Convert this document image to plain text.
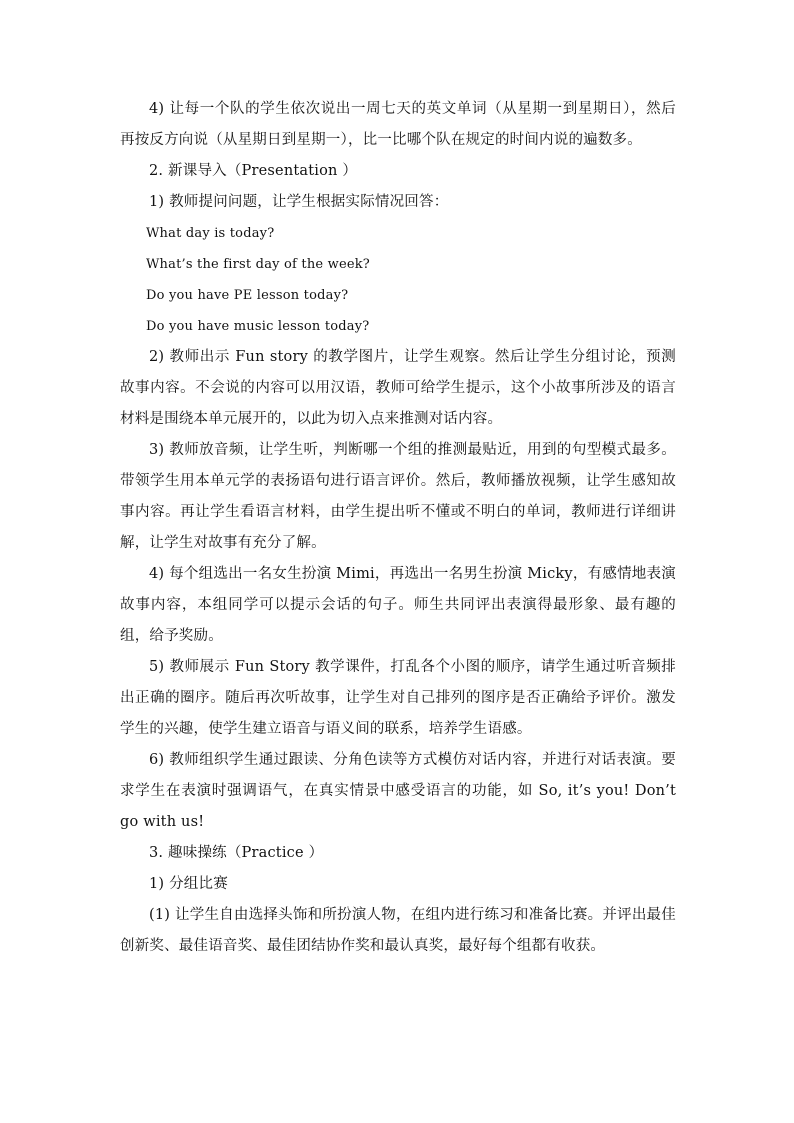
4) 让每一个队的学生依次说出一周七天的英文单词（从星期一到星期日），然后再按反方向说（从星期日到星期一），比一比哪个队在规定的时间内说的遍数多。

2. 新课导入（Presentation ）

1) 教师提问问题，让学生根据实际情况回答：

What day is today?

What’s the first day of the week?

Do you have PE lesson today?

Do you have music lesson today?

2) 教师出示 Fun story 的教学图片，让学生观察。然后让学生分组讨论，预测故事内容。不会说的内容可以用汉语，教师可给学生提示，这个小故事所涉及的语言材料是围绕本单元展开的，以此为切入点来推测对话内容。

3) 教师放音频，让学生听，判断哪一个组的推测最贴近，用到的句型模式最多。带领学生用本单元学的表扬语句进行语言评价。然后，教师播放视频，让学生感知故事内容。再让学生看语言材料，由学生提出听不懂或不明白的单词，教师进行详细讲解，让学生对故事有充分了解。

4) 每个组选出一名女生扮演 Mimi，再选出一名男生扮演 Micky，有感情地表演故事内容，本组同学可以提示会话的句子。师生共同评出表演得最形象、最有趣的组，给予奖励。

5) 教师展示 Fun Story 教学课件，打乱各个小图的顺序，请学生通过听音频排出正确的圈序。随后再次听故事，让学生对自己排列的图序是否正确给予评价。激发学生的兴趣，使学生建立语音与语义间的联系，培养学生语感。

6) 教师组织学生通过跟读、分角色读等方式模仿对话内容，并进行对话表演。要求学生在表演时强调语气，在真实情景中感受语言的功能，如 So, it’s you! Don’t go with us!

3. 趣味操练（Practice ）

1) 分组比赛

(1) 让学生自由选择头饰和所扮演人物，在组内进行练习和准备比赛。并评出最佳创新奖、最佳语音奖、最佳团结协作奖和最认真奖，最好每个组都有收获。
